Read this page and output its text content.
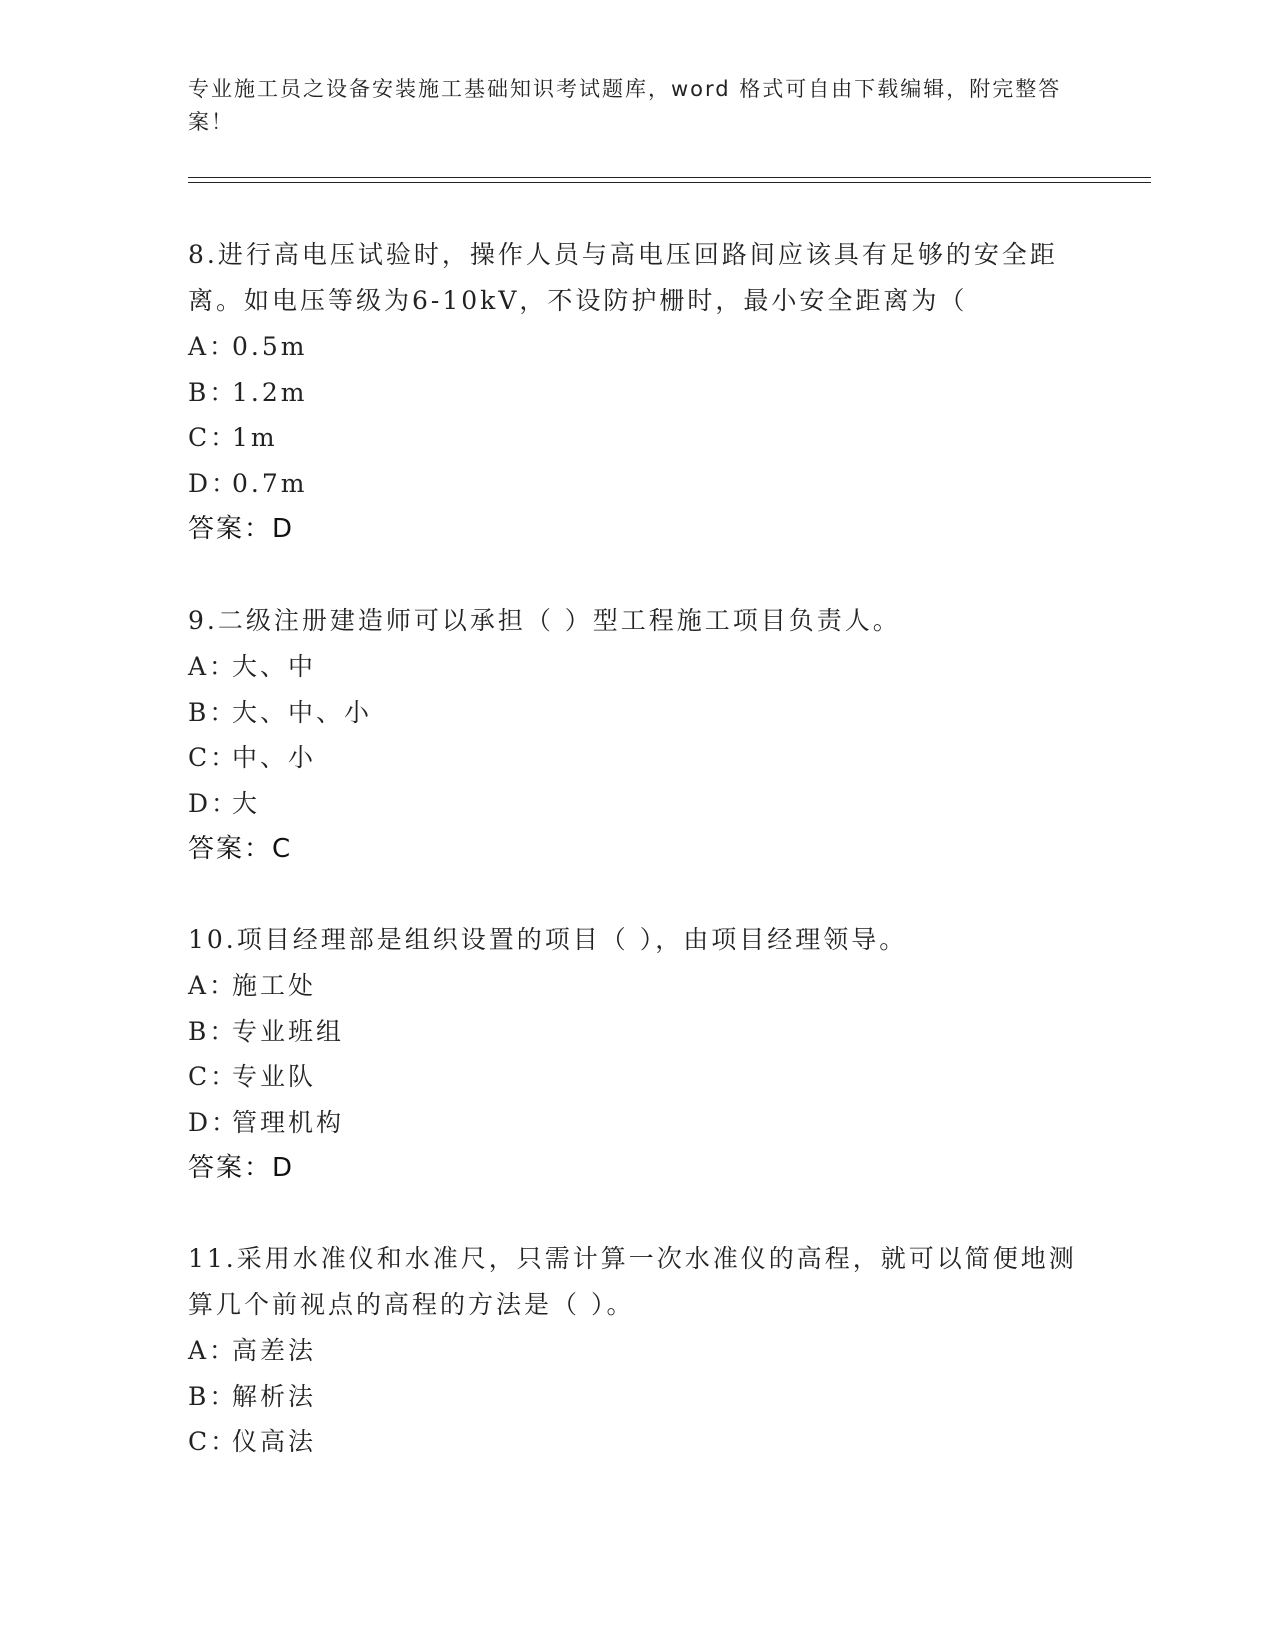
专业施工员之设备安装施工基础知识考试题库，word 格式可自由下载编辑，附完整答案！
8.进行高电压试验时，操作人员与高电压回路间应该具有足够的安全距离。如电压等级为6-10kV，不设防护栅时，最小安全距离为（
A：0.5m
B：1.2m
C：1m
D：0.7m
答案：D
9.二级注册建造师可以承担（ ）型工程施工项目负责人。
A：大、中
B：大、中、小
C：中、小
D：大
答案：C
10.项目经理部是组织设置的项目（ ），由项目经理领导。
A：施工处
B：专业班组
C：专业队
D：管理机构
答案：D
11.采用水准仪和水准尺，只需计算一次水准仪的高程，就可以简便地测算几个前视点的高程的方法是（ ）。
A：高差法
B：解析法
C：仪高法
